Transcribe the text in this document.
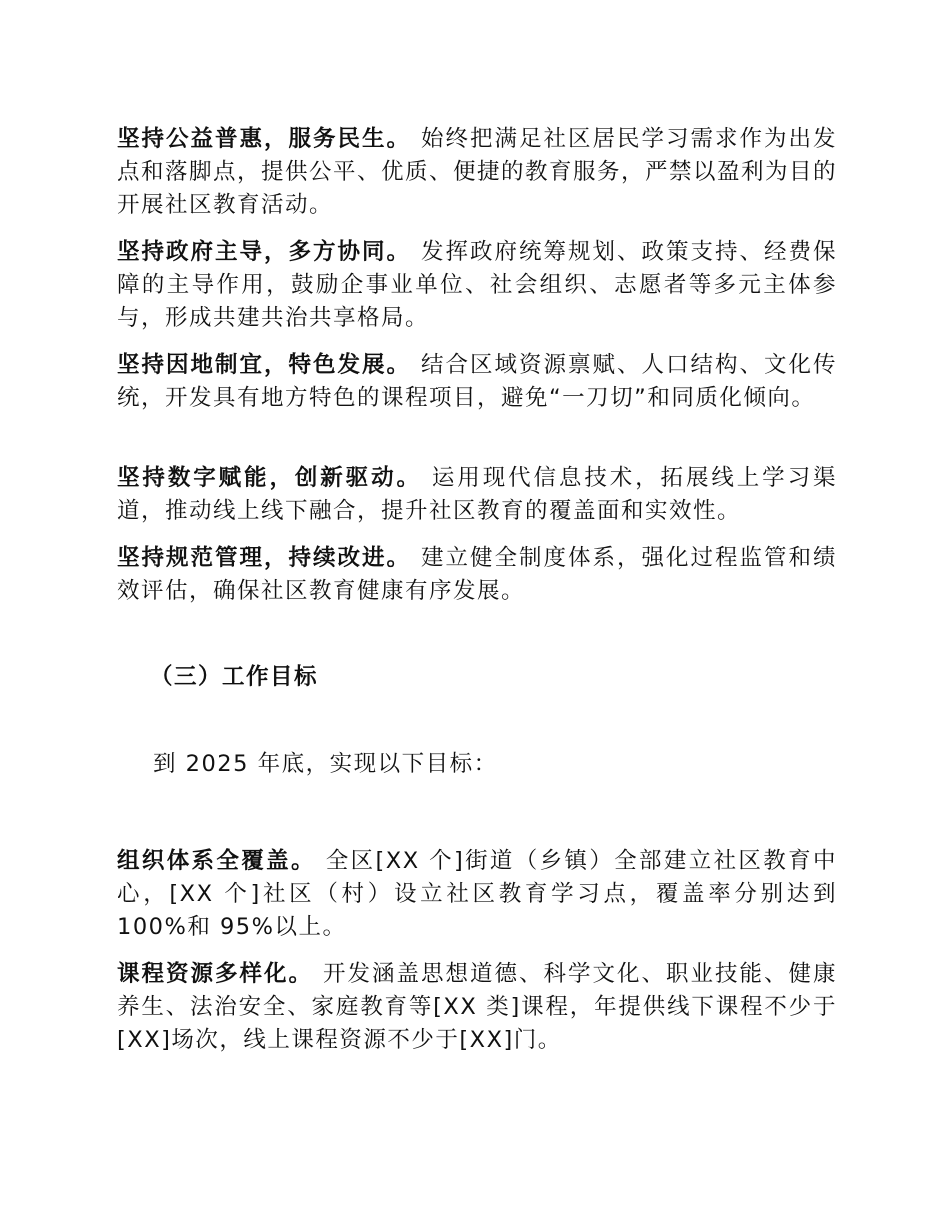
坚持公益普惠，服务民生。 始终把满足社区居民学习需求作为出发点和落脚点，提供公平、优质、便捷的教育服务，严禁以盈利为目的开展社区教育活动。

坚持政府主导，多方协同。 发挥政府统筹规划、政策支持、经费保障的主导作用，鼓励企事业单位、社会组织、志愿者等多元主体参与，形成共建共治共享格局。

坚持因地制宜，特色发展。 结合区域资源禀赋、人口结构、文化传统，开发具有地方特色的课程项目，避免“一刀切”和同质化倾向。

坚持数字赋能，创新驱动。 运用现代信息技术，拓展线上学习渠道，推动线上线下融合，提升社区教育的覆盖面和实效性。

坚持规范管理，持续改进。 建立健全制度体系，强化过程监管和绩效评估，确保社区教育健康有序发展。

（三）工作目标

到 2025 年底，实现以下目标：

组织体系全覆盖。 全区[XX 个]街道（乡镇）全部建立社区教育中心，[XX 个]社区（村）设立社区教育学习点，覆盖率分别达到 100%和 95%以上。

课程资源多样化。 开发涵盖思想道德、科学文化、职业技能、健康养生、法治安全、家庭教育等[XX 类]课程，年提供线下课程不少于[XX]场次，线上课程资源不少于[XX]门。
